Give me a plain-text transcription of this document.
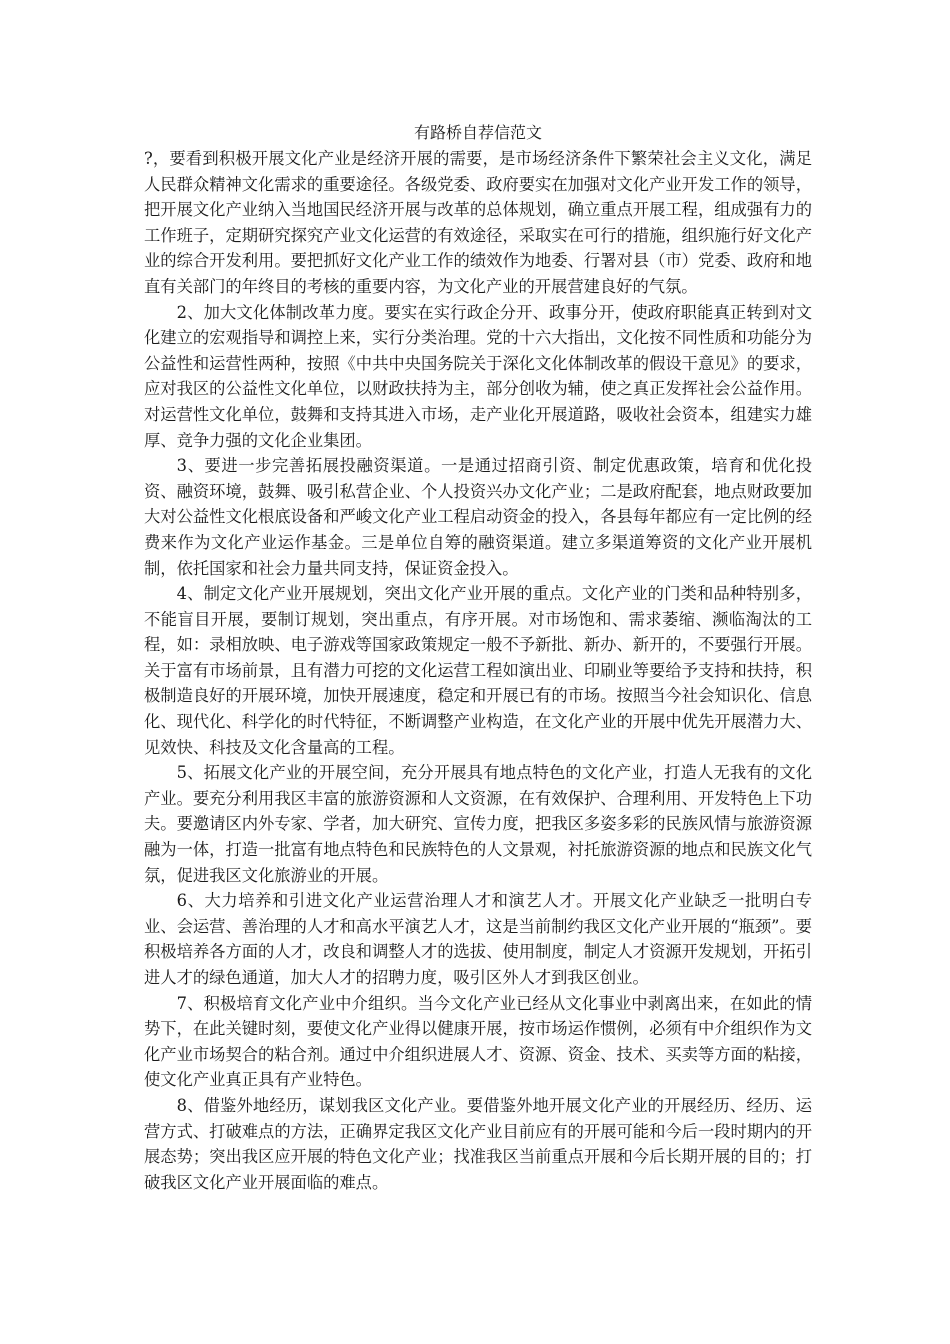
有路桥自荐信范文

?，要看到积极开展文化产业是经济开展的需要，是市场经济条件下繁荣社会主义文化，满足人民群众精神文化需求的重要途径。各级党委、政府要实在加强对文化产业开发工作的领导，把开展文化产业纳入当地国民经济开展与改革的总体规划，确立重点开展工程，组成强有力的工作班子，定期研究探究产业文化运营的有效途径，采取实在可行的措施，组织施行好文化产业的综合开发利用。要把抓好文化产业工作的绩效作为地委、行署对县（市）党委、政府和地直有关部门的年终目的考核的重要内容，为文化产业的开展营建良好的气氛。

2、加大文化体制改革力度。要实在实行政企分开、政事分开，使政府职能真正转到对文化建立的宏观指导和调控上来，实行分类治理。党的十六大指出，文化按不同性质和功能分为公益性和运营性两种，按照《中共中央国务院关于深化文化体制改革的假设干意见》的要求，应对我区的公益性文化单位，以财政扶持为主，部分创收为辅，使之真正发挥社会公益作用。对运营性文化单位，鼓舞和支持其进入市场，走产业化开展道路，吸收社会资本，组建实力雄厚、竞争力强的文化企业集团。

3、要进一步完善拓展投融资渠道。一是通过招商引资、制定优惠政策，培育和优化投资、融资环境，鼓舞、吸引私营企业、个人投资兴办文化产业；二是政府配套，地点财政要加大对公益性文化根底设备和严峻文化产业工程启动资金的投入，各县每年都应有一定比例的经费来作为文化产业运作基金。三是单位自筹的融资渠道。建立多渠道筹资的文化产业开展机制，依托国家和社会力量共同支持，保证资金投入。

4、制定文化产业开展规划，突出文化产业开展的重点。文化产业的门类和品种特别多，不能盲目开展，要制订规划，突出重点，有序开展。对市场饱和、需求萎缩、濒临淘汰的工程，如：录相放映、电子游戏等国家政策规定一般不予新批、新办、新开的，不要强行开展。关于富有市场前景，且有潜力可挖的文化运营工程如演出业、印刷业等要给予支持和扶持，积极制造良好的开展环境，加快开展速度，稳定和开展已有的市场。按照当今社会知识化、信息化、现代化、科学化的时代特征，不断调整产业构造，在文化产业的开展中优先开展潜力大、见效快、科技及文化含量高的工程。

5、拓展文化产业的开展空间，充分开展具有地点特色的文化产业，打造人无我有的文化产业。要充分利用我区丰富的旅游资源和人文资源，在有效保护、合理利用、开发特色上下功夫。要邀请区内外专家、学者，加大研究、宣传力度，把我区多姿多彩的民族风情与旅游资源融为一体，打造一批富有地点特色和民族特色的人文景观，衬托旅游资源的地点和民族文化气氛，促进我区文化旅游业的开展。

6、大力培养和引进文化产业运营治理人才和演艺人才。开展文化产业缺乏一批明白专业、会运营、善治理的人才和高水平演艺人才，这是当前制约我区文化产业开展的“瓶颈”。要积极培养各方面的人才，改良和调整人才的选拔、使用制度，制定人才资源开发规划，开拓引进人才的绿色通道，加大人才的招聘力度，吸引区外人才到我区创业。

7、积极培育文化产业中介组织。当今文化产业已经从文化事业中剥离出来，在如此的情势下，在此关键时刻，要使文化产业得以健康开展，按市场运作惯例，必须有中介组织作为文化产业市场契合的粘合剂。通过中介组织进展人才、资源、资金、技术、买卖等方面的粘接，使文化产业真正具有产业特色。

8、借鉴外地经历，谋划我区文化产业。要借鉴外地开展文化产业的开展经历、经历、运营方式、打破难点的方法，正确界定我区文化产业目前应有的开展可能和今后一段时期内的开展态势；突出我区应开展的特色文化产业；找准我区当前重点开展和今后长期开展的目的；打破我区文化产业开展面临的难点。
